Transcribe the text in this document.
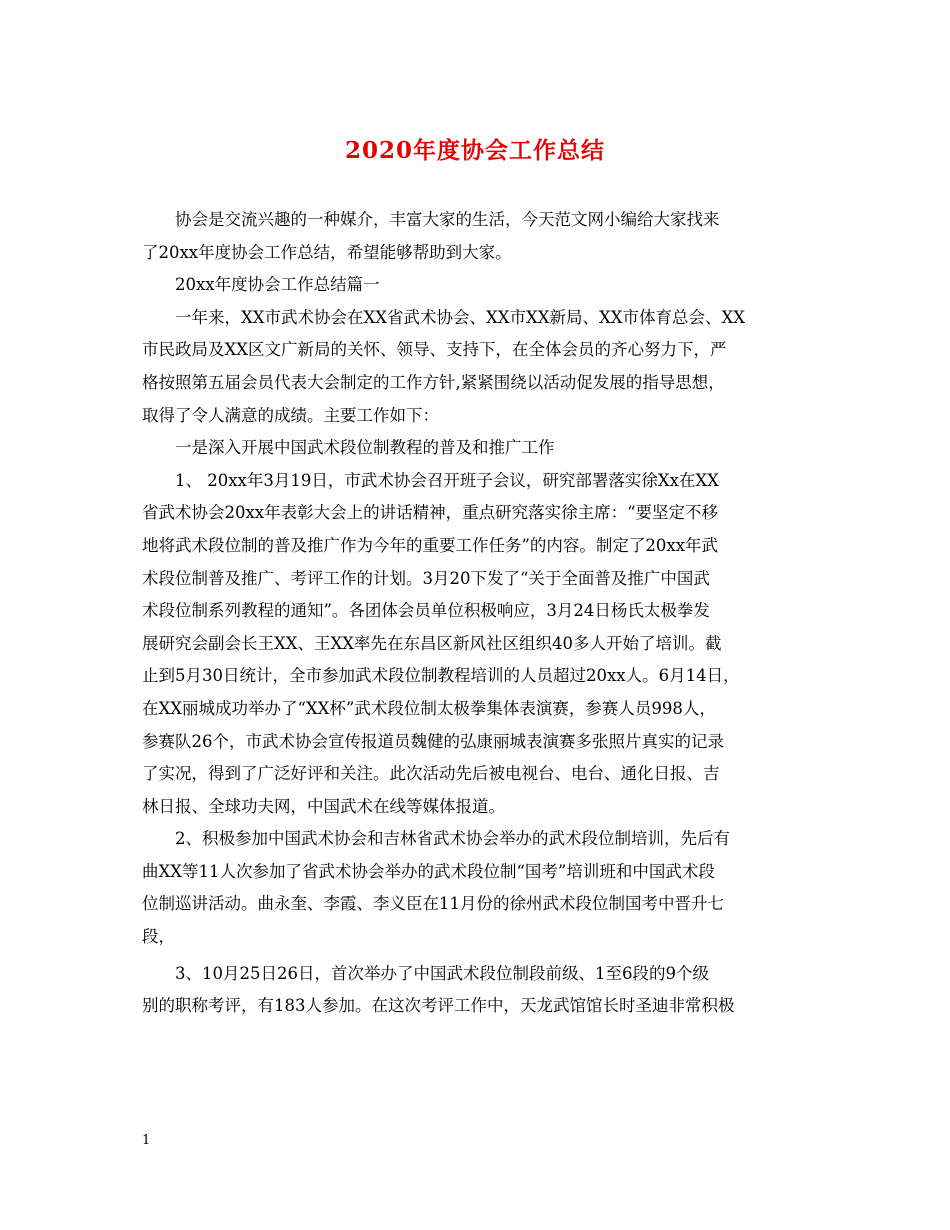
2020年度协会工作总结
协会是交流兴趣的一种媒介，丰富大家的生活，今天范文网小编给大家找来
了20xx年度协会工作总结，希望能够帮助到大家。
20xx年度协会工作总结篇一
一年来，XX市武术协会在XX省武术协会、XX市XX新局、XX市体育总会、XX
市民政局及XX区文广新局的关怀、领导、支持下，在全体会员的齐心努力下，严
格按照第五届会员代表大会制定的工作方针,紧紧围绕以活动促发展的指导思想，
取得了令人满意的成绩。主要工作如下：
一是深入开展中国武术段位制教程的普及和推广工作
1、 20xx年3月19日，市武术协会召开班子会议，研究部署落实徐Xx在XX
省武术协会20xx年表彰大会上的讲话精神，重点研究落实徐主席：“要坚定不移
地将武术段位制的普及推广作为今年的重要工作任务”的内容。制定了20xx年武
术段位制普及推广、考评工作的计划。3月20下发了“关于全面普及推广中国武
术段位制系列教程的通知”。各团体会员单位积极响应，3月24日杨氏太极拳发
展研究会副会长王XX、王XX率先在东昌区新风社区组织40多人开始了培训。截
止到5月30日统计，全市参加武术段位制教程培训的人员超过20xx人。6月14日，
在XX丽城成功举办了“XX杯”武术段位制太极拳集体表演赛，参赛人员998人，
参赛队26个，市武术协会宣传报道员魏健的弘康丽城表演赛多张照片真实的记录
了实况，得到了广泛好评和关注。此次活动先后被电视台、电台、通化日报、吉
林日报、全球功夫网，中国武术在线等媒体报道。
2、积极参加中国武术协会和吉林省武术协会举办的武术段位制培训，先后有
曲XX等11人次参加了省武术协会举办的武术段位制“国考”培训班和中国武术段
位制巡讲活动。曲永奎、李霞、李义臣在11月份的徐州武术段位制国考中晋升七
段，
3、10月25日26日，首次举办了中国武术段位制段前级、1至6段的9个级
别的职称考评，有183人参加。在这次考评工作中，天龙武馆馆长时圣迪非常积极
1
